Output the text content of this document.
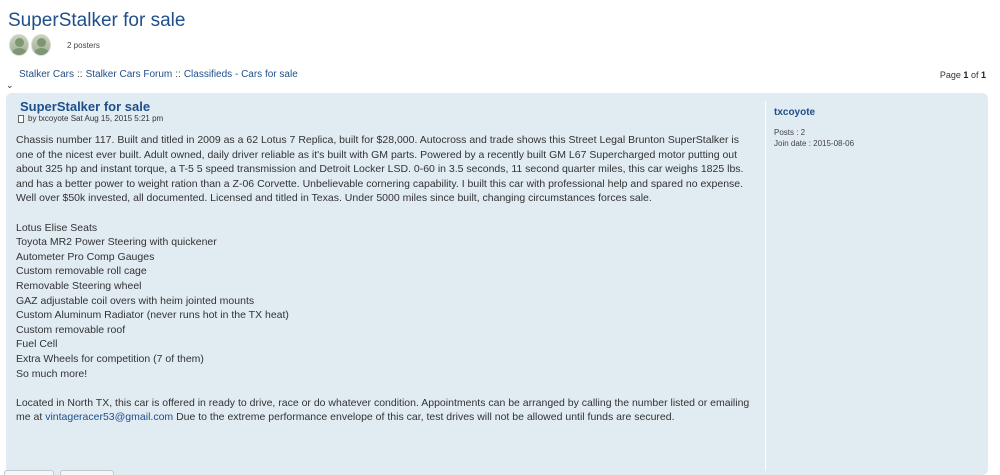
SuperStalker for sale
2 posters
Stalker Cars :: Stalker Cars Forum :: Classifieds - Cars for sale
⌄
Page 1 of 1
SuperStalker for sale
by txcoyote Sat Aug 15, 2015 5:21 pm

Chassis number 117. Built and titled in 2009 as a 62 Lotus 7 Replica, built for $28,000. Autocross and trade shows this Street Legal Brunton SuperStalker is one of the nicest ever built. Adult owned, daily driver reliable as it's built with GM parts. Powered by a recently built GM L67 Supercharged motor putting out about 325 hp and instant torque, a T-5 5 speed transmission and Detroit Locker LSD. 0-60 in 3.5 seconds, 11 second quarter miles, this car weighs 1825 lbs. and has a better power to weight ration than a Z-06 Corvette. Unbelievable cornering capability. I built this car with professional help and spared no expense. Well over $50k invested, all documented. Licensed and titled in Texas. Under 5000 miles since built, changing circumstances forces sale.

Lotus Elise Seats
Toyota MR2 Power Steering with quickener
Autometer Pro Comp Gauges
Custom removable roll cage
Removable Steering wheel
GAZ adjustable coil overs with heim jointed mounts
Custom Aluminum Radiator (never runs hot in the TX heat)
Custom removable roof
Fuel Cell
Extra Wheels for competition (7 of them)
So much more!

Located in North TX, this car is offered in ready to drive, race or do whatever condition. Appointments can be arranged by calling the number listed or emailing me at vintageracer53@gmail.com Due to the extreme performance envelope of this car, test drives will not be allowed until funds are secured.

txcoyote
Posts : 2
Join date : 2015-08-06
